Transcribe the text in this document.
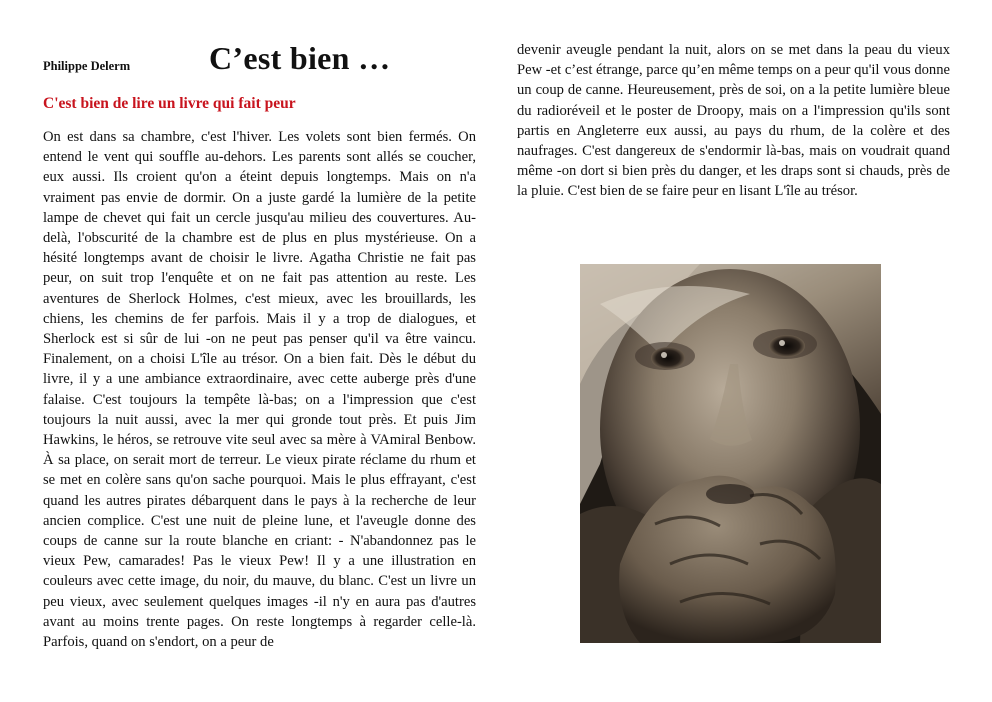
Philippe Delerm C’est bien …
C'est bien de lire un livre qui fait peur

On est dans sa chambre, c'est l'hiver. Les volets sont bien fermés. On entend le vent qui souffle au-dehors. Les parents sont allés se coucher, eux aussi. Ils croient qu'on a éteint depuis longtemps. Mais on n'a vraiment pas envie de dormir. On a juste gardé la lumière de la petite lampe de chevet qui fait un cercle jusqu'au milieu des couvertures. Au-delà, l'obscurité de la chambre est de plus en plus mystérieuse. On a hésité longtemps avant de choisir le livre. Agatha Christie ne fait pas peur, on suit trop l'enquête et on ne fait pas attention au reste. Les aventures de Sherlock Holmes, c'est mieux, avec les brouillards, les chiens, les chemins de fer parfois. Mais il y a trop de dialogues, et Sherlock est si sûr de lui -on ne peut pas penser qu'il va être vaincu. Finalement, on a choisi L'île au trésor. On a bien fait. Dès le début du livre, il y a une ambiance extraordinaire, avec cette auberge près d'une falaise. C'est toujours la tempête là-bas; on a l'impression que c'est toujours la nuit aussi, avec la mer qui gronde tout près. Et puis Jim Hawkins, le héros, se retrouve vite seul avec sa mère à VAmiral Benbow. À sa place, on serait mort de terreur. Le vieux pirate réclame du rhum et se met en colère sans qu'on sache pourquoi. Mais le plus effrayant, c'est quand les autres pirates débarquent dans le pays à la recherche de leur ancien complice. C'est une nuit de pleine lune, et l'aveugle donne des coups de canne sur la route blanche en criant: - N'abandonnez pas le vieux Pew, camarades! Pas le vieux Pew! Il y a une illustration en couleurs avec cette image, du noir, du mauve, du blanc. C'est un livre un peu vieux, avec seulement quelques images -il n'y en aura pas d'autres avant au moins trente pages. On reste longtemps à regarder celle-là. Parfois, quand on s'endort, on a peur de

devenir aveugle pendant la nuit, alors on se met dans la peau du vieux Pew -et c’est étrange, parce qu’en même temps on a peur qu'il vous donne un coup de canne. Heureusement, près de soi, on a la petite lumière bleue du radioréveil et le poster de Droopy, mais on a l'impression qu'ils sont partis en Angleterre eux aussi, au pays du rhum, de la colère et des naufrages. C'est dangereux de s'endormir là-bas, mais on voudrait quand même -on dort si bien près du danger, et les draps sont si chauds, près de la pluie. C'est bien de se faire peur en lisant L'île au trésor.
